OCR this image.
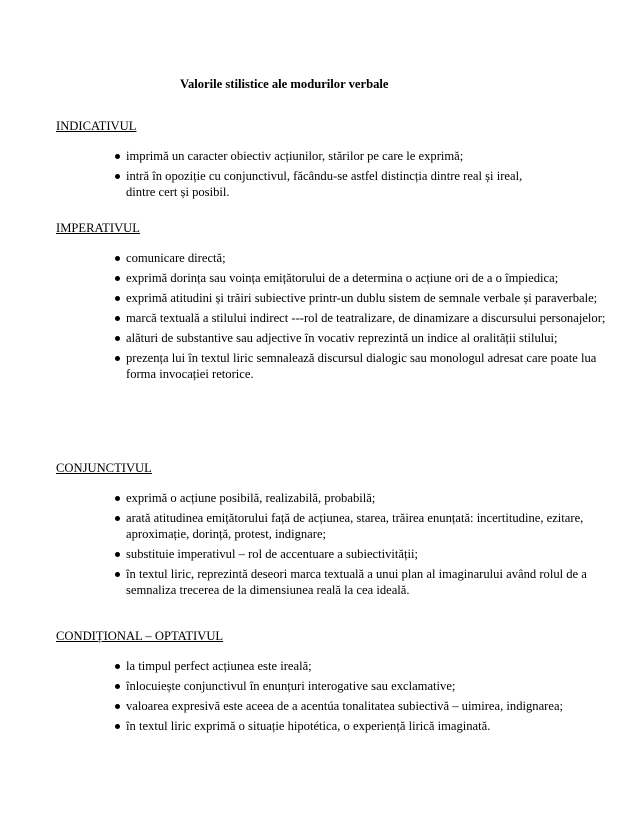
Valorile stilistice ale modurilor verbale

INDICATIVUL

imprimă un caracter obiectiv acțiunilor, stărilor pe care le exprimă;
intră în opoziție cu conjunctivul, făcându-se astfel distincția dintre real și ireal, dintre cert și posibil.

IMPERATIVUL

comunicare directă;
exprimă dorința sau voința emițătorului de a determina o acțiune ori de a o împiedica;
exprimă atitudini și trăiri subiective printr-un dublu sistem de semnale verbale și paraverbale;
marcă textuală a stilului indirect ---rol de teatralizare, de dinamizare a discursului personajelor;
alături de substantive sau adjective în vocativ reprezintă un indice al oralității stilului;
prezența lui în textul liric semnalează discursul dialogic sau monologul adresat care poate lua forma invocației retorice.

CONJUNCTIVUL

exprimă o acțiune posibilă, realizabilă, probabilă;
arată atitudinea emițătorului față de acțiunea, starea, trăirea enunțată: incertitudine, ezitare, aproximație, dorință, protest, indignare;
substituie imperativul – rol de accentuare a subiectivității;
în textul liric, reprezintă deseori marca textuală a unui plan al imaginarului având rolul de a semnaliza trecerea de la dimensiunea reală la cea ideală.

CONDIȚIONAL – OPTATIVUL

la timpul perfect acțiunea este ireală;
înlocuiește conjunctivul în enunțuri interogative sau exclamative;
valoarea expresivă este aceea de a acentúa tonalitatea subiectivă – uimirea, indignarea;
în textul liric exprimă o situație hipotética, o experiență lirică imaginată.
